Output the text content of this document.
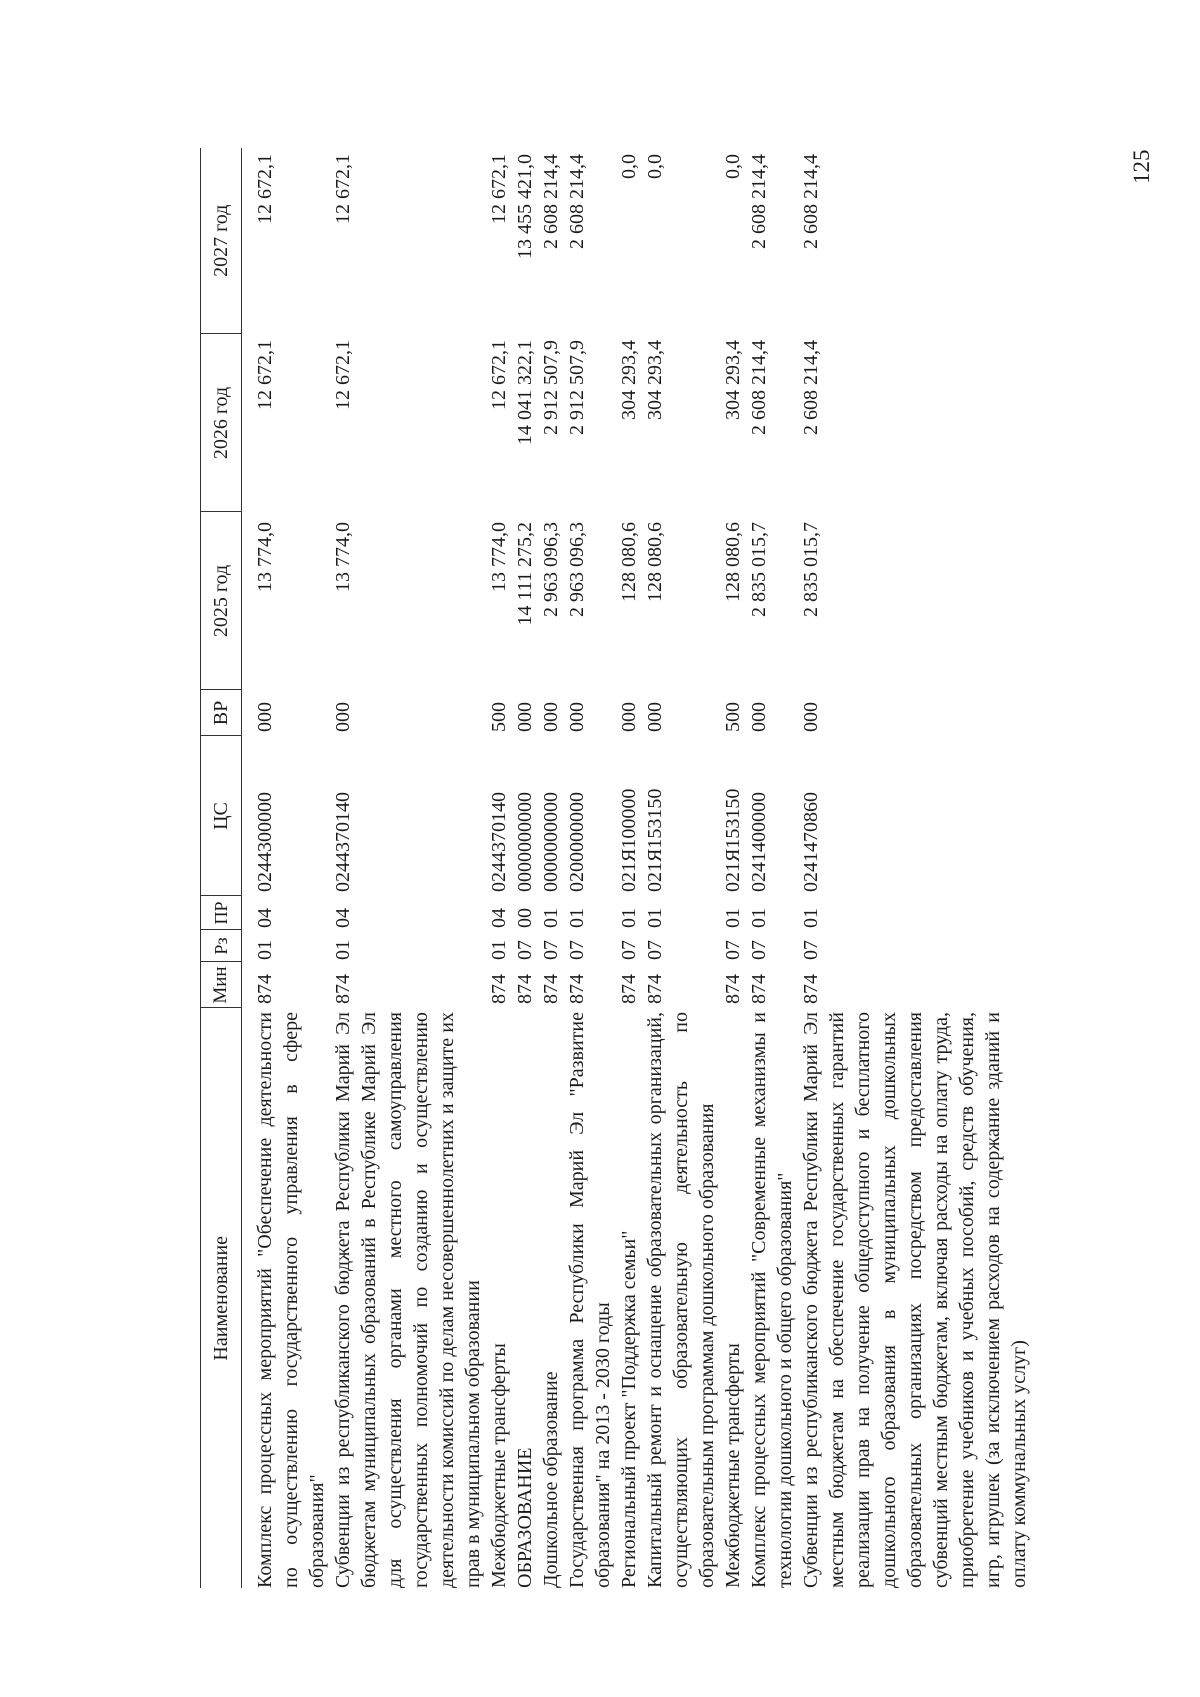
125
Наименование	Мин	Рз	ПР	ЦС	ВР	2025 год	2026 год	2027 год

Комплекс процессных мероприятий "Обеспечение деятельности по осуществлению государственного управления в сфере образования"	874	01	04	0244300000	000	13 774,0	12 672,1	12 672,1
Субвенции из республиканского бюджета Республики Марий Эл бюджетам муниципальных образований в Республике Марий Эл для осуществления органами местного самоуправления государственных полномочий по созданию и осуществлению деятельности комиссий по делам несовершеннолетних и защите их прав в муниципальном образовании	874	01	04	0244370140	000	13 774,0	12 672,1	12 672,1
Межбюджетные трансферты	874	01	04	0244370140	500	13 774,0	12 672,1	12 672,1
ОБРАЗОВАНИЕ	874	07	00	0000000000	000	14 111 275,2	14 041 322,1	13 455 421,0
Дошкольное образование	874	07	01	0000000000	000	2 963 096,3	2 912 507,9	2 608 214,4
Государственная программа Республики Марий Эл "Развитие образования" на 2013 - 2030 годы	874	07	01	0200000000	000	2 963 096,3	2 912 507,9	2 608 214,4
Региональный проект "Поддержка семьи"	874	07	01	021Я100000	000	128 080,6	304 293,4	0,0
Капитальный ремонт и оснащение образовательных организаций, осуществляющих образовательную деятельность по образовательным программам дошкольного образования	874	07	01	021Я153150	000	128 080,6	304 293,4	0,0
Межбюджетные трансферты	874	07	01	021Я153150	500	128 080,6	304 293,4	0,0
Комплекс процессных мероприятий "Современные механизмы и технологии дошкольного и общего образования"	874	07	01	0241400000	000	2 835 015,7	2 608 214,4	2 608 214,4
Субвенции из республиканского бюджета Республики Марий Эл местным бюджетам на обеспечение государственных гарантий реализации прав на получение общедоступного и бесплатного дошкольного образования в муниципальных дошкольных образовательных организациях посредством предоставления субвенций местным бюджетам, включая расходы на оплату труда, приобретение учебников и учебных пособий, средств обучения, игр, игрушек (за исключением расходов на содержание зданий и оплату коммунальных услуг)	874	07	01	0241470860	000	2 835 015,7	2 608 214,4	2 608 214,4
